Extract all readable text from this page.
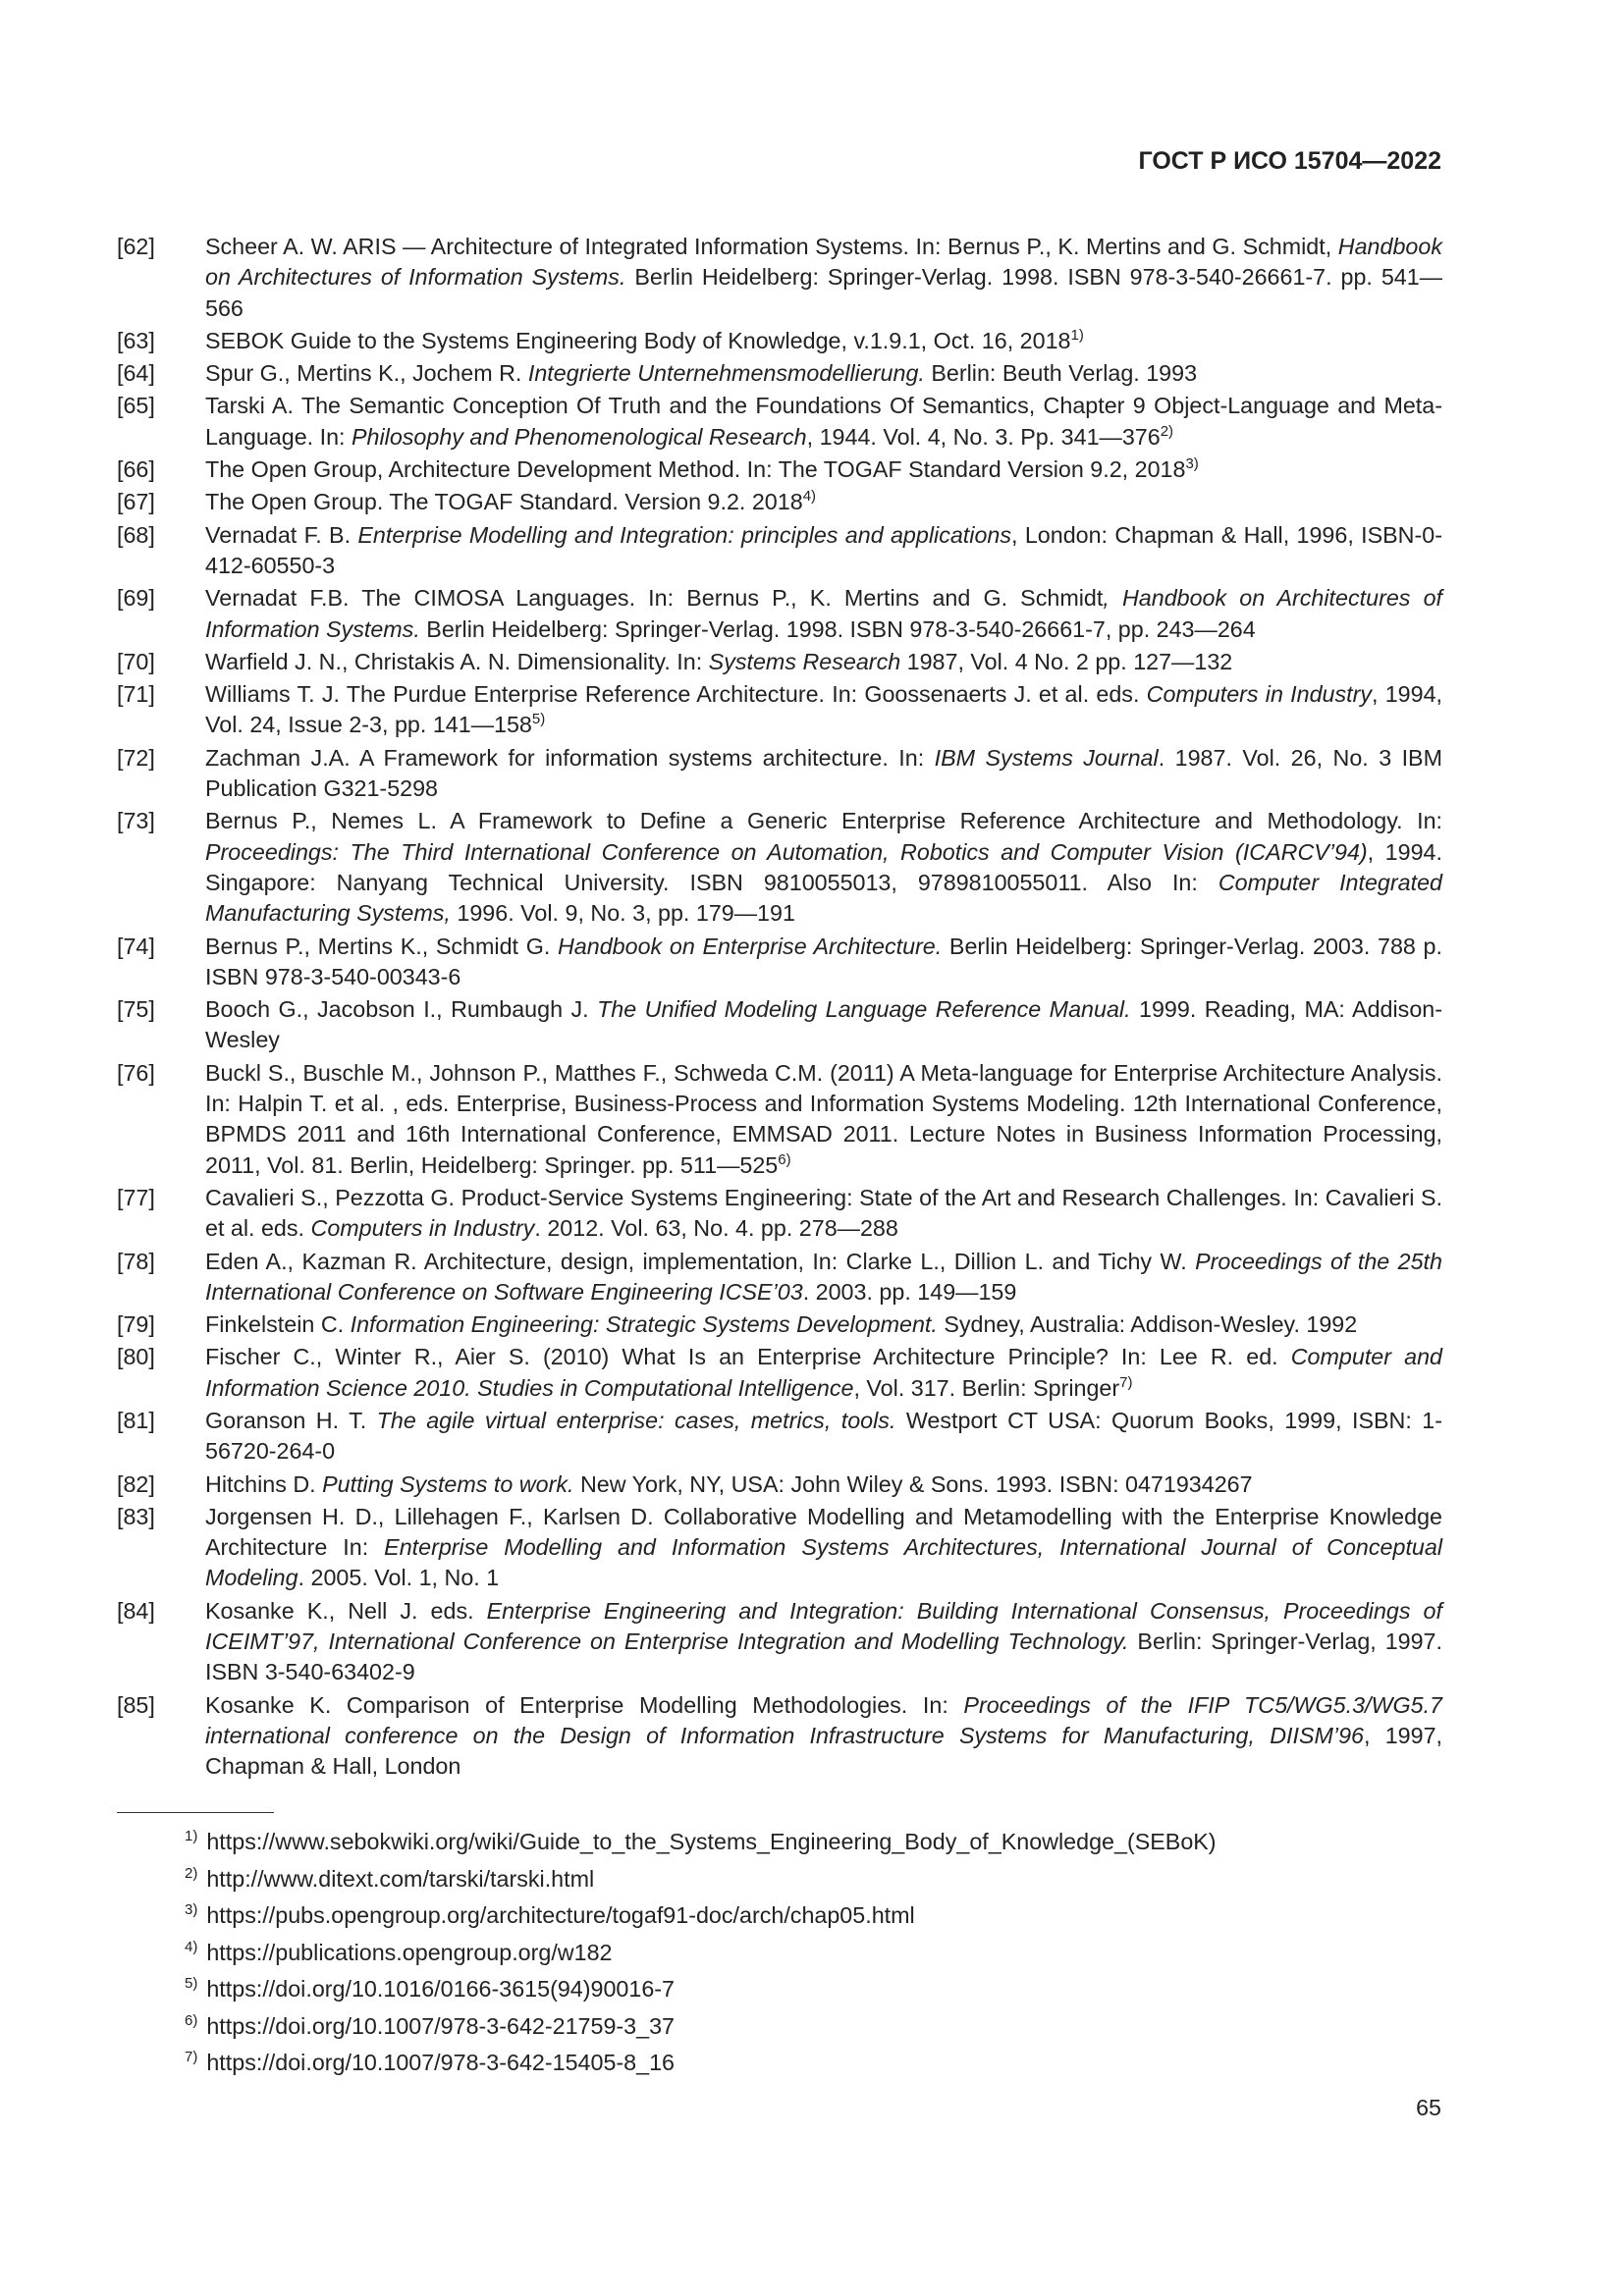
ГОСТ Р ИСО 15704—2022
[62]	Scheer A. W. ARIS — Architecture of Integrated Information Systems. In: Bernus P., K. Mertins and G. Schmidt, Handbook on Architectures of Information Systems. Berlin Heidelberg: Springer-Verlag. 1998. ISBN 978-3-540-26661-7. pp. 541—566
[63]	SEBOK Guide to the Systems Engineering Body of Knowledge, v.1.9.1, Oct. 16, 2018$^{1)}$
[64]	Spur G., Mertins K., Jochem R. Integrierte Unternehmensmodellierung. Berlin: Beuth Verlag. 1993
[65]	Tarski A. The Semantic Conception Of Truth and the Foundations Of Semantics, Chapter 9 Object-Language and Meta-Language. In: Philosophy and Phenomenological Research, 1944. Vol. 4, No. 3. Pp. 341—376$^{2)}$
[66]	The Open Group, Architecture Development Method. In: The TOGAF Standard Version 9.2, 2018$^{3)}$
[67]	The Open Group. The TOGAF Standard. Version 9.2. 2018$^{4)}$
[68]	Vernadat F. B. Enterprise Modelling and Integration: principles and applications, London: Chapman & Hall, 1996, ISBN-0-412-60550-3
[69]	Vernadat F.B. The CIMOSA Languages. In: Bernus P., K. Mertins and G. Schmidt, Handbook on Architectures of Information Systems. Berlin Heidelberg: Springer-Verlag. 1998. ISBN 978-3-540-26661-7, pp. 243—264
[70]	Warfield J. N., Christakis A. N. Dimensionality. In: Systems Research 1987, Vol. 4 No. 2 pp. 127—132
[71]	Williams T. J. The Purdue Enterprise Reference Architecture. In: Goossenaerts J. et al. eds. Computers in Industry, 1994, Vol. 24, Issue 2-3, pp. 141—158$^{5)}$
[72]	Zachman J.A. A Framework for information systems architecture. In: IBM Systems Journal. 1987. Vol. 26, No. 3 IBM Publication G321-5298
[73]	Bernus P., Nemes L. A Framework to Define a Generic Enterprise Reference Architecture and Methodology. In: Proceedings: The Third International Conference on Automation, Robotics and Computer Vision (ICARCV’94), 1994. Singapore: Nanyang Technical University. ISBN 9810055013, 9789810055011. Also In: Computer Integrated Manufacturing Systems, 1996. Vol. 9, No. 3, pp. 179—191
[74]	Bernus P., Mertins K., Schmidt G. Handbook on Enterprise Architecture. Berlin Heidelberg: Springer-Verlag. 2003. 788 p. ISBN 978-3-540-00343-6
[75]	Booch G., Jacobson I., Rumbaugh J. The Unified Modeling Language Reference Manual. 1999. Reading, MA: Addison-Wesley
[76]	Buckl S., Buschle M., Johnson P., Matthes F., Schweda C.M. (2011) A Meta-language for Enterprise Architecture Analysis. In: Halpin T. et al. , eds. Enterprise, Business-Process and Information Systems Modeling. 12th International Conference, BPMDS 2011 and 16th International Conference, EMMSAD 2011. Lecture Notes in Business Information Processing, 2011, Vol. 81. Berlin, Heidelberg: Springer. pp. 511—525$^{6)}$
[77]	Cavalieri S., Pezzotta G. Product-Service Systems Engineering: State of the Art and Research Challenges. In: Cavalieri S. et al. eds. Computers in Industry. 2012. Vol. 63, No. 4. pp. 278—288
[78]	Eden A., Kazman R. Architecture, design, implementation, In: Clarke L., Dillion L. and Tichy W. Proceedings of the 25th International Conference on Software Engineering ICSE’03. 2003. pp. 149—159
[79]	Finkelstein C. Information Engineering: Strategic Systems Development. Sydney, Australia: Addison-Wesley. 1992
[80]	Fischer C., Winter R., Aier S. (2010) What Is an Enterprise Architecture Principle? In: Lee R. ed. Computer and Information Science 2010. Studies in Computational Intelligence, Vol. 317. Berlin: Springer$^{7)}$
[81]	Goranson H. T. The agile virtual enterprise: cases, metrics, tools. Westport CT USA: Quorum Books, 1999, ISBN: 1-56720-264-0
[82]	Hitchins D. Putting Systems to work. New York, NY, USA: John Wiley & Sons. 1993. ISBN: 0471934267
[83]	Jorgensen H. D., Lillehagen F., Karlsen D. Collaborative Modelling and Metamodelling with the Enterprise Knowledge Architecture In: Enterprise Modelling and Information Systems Architectures, International Journal of Conceptual Modeling. 2005. Vol. 1, No. 1
[84]	Kosanke K., Nell J. eds. Enterprise Engineering and Integration: Building International Consensus, Proceedings of ICEIMT’97, International Conference on Enterprise Integration and Modelling Technology. Berlin: Springer-Verlag, 1997. ISBN 3-540-63402-9
[85]	Kosanke K. Comparison of Enterprise Modelling Methodologies. In: Proceedings of the IFIP TC5/WG5.3/WG5.7 international conference on the Design of Information Infrastructure Systems for Manufacturing, DIISM’96, 1997, Chapman & Hall, London
$^{1)}$ https://www.sebokwiki.org/wiki/Guide_to_the_Systems_Engineering_Body_of_Knowledge_(SEBoK)
$^{2)}$ http://www.ditext.com/tarski/tarski.html
$^{3)}$ https://pubs.opengroup.org/architecture/togaf91-doc/arch/chap05.html
$^{4)}$ https://publications.opengroup.org/w182
$^{5)}$ https://doi.org/10.1016/0166-3615(94)90016-7
$^{6)}$ https://doi.org/10.1007/978-3-642-21759-3_37
$^{7)}$ https://doi.org/10.1007/978-3-642-15405-8_16
65
